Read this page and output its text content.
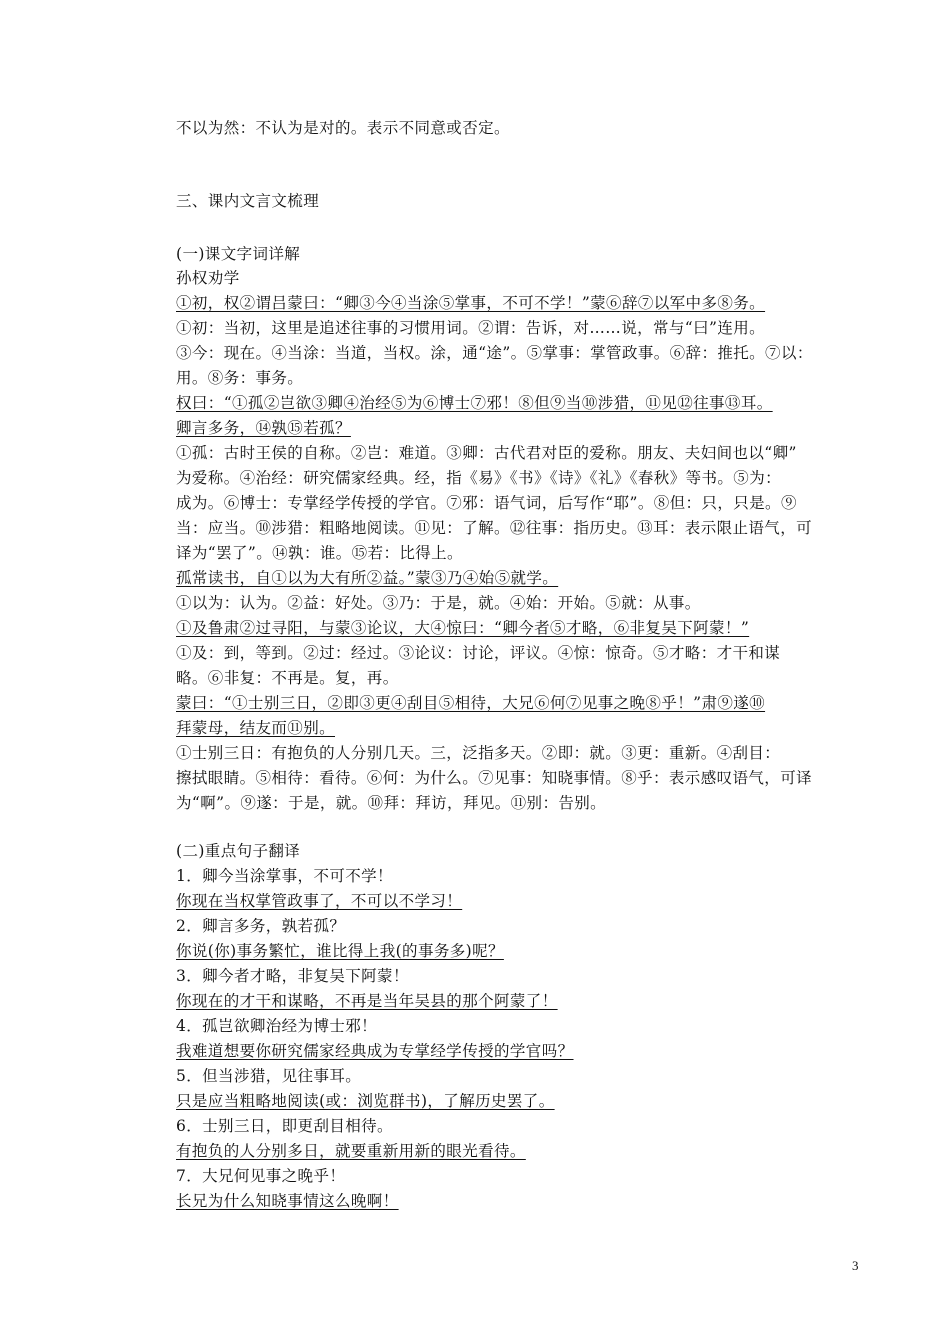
不以为然：不认为是对的。表示不同意或否定。
三、课内文言文梳理
(一)课文字词详解
孙权劝学
①初，权②谓吕蒙曰：“卿③今④当涂⑤掌事，不可不学！”蒙⑥辞⑦以军中多⑧务。
①初：当初，这里是追述往事的习惯用词。②谓：告诉，对……说，常与“曰”连用。
③今：现在。④当涂：当道，当权。涂，通“途”。⑤掌事：掌管政事。⑥辞：推托。⑦以：
用。⑧务：事务。
权曰：“①孤②岂欲③卿④治经⑤为⑥博士⑦邪！⑧但⑨当⑩涉猎，⑪见⑫往事⑬耳。
卿言多务，⑭孰⑮若孤？
①孤：古时王侯的自称。②岂：难道。③卿：古代君对臣的爱称。朋友、夫妇间也以“卿”
为爱称。④治经：研究儒家经典。经，指《易》《书》《诗》《礼》《春秋》等书。⑤为：
成为。⑥博士：专掌经学传授的学官。⑦邪：语气词，后写作“耶”。⑧但：只，只是。⑨
当：应当。⑩涉猎：粗略地阅读。⑪见：了解。⑫往事：指历史。⑬耳：表示限止语气，可
译为“罢了”。⑭孰：谁。⑮若：比得上。
孤常读书，自①以为大有所②益。”蒙③乃④始⑤就学。
①以为：认为。②益：好处。③乃：于是，就。④始：开始。⑤就：从事。
①及鲁肃②过寻阳，与蒙③论议，大④惊曰：“卿今者⑤才略，⑥非复吴下阿蒙！”
①及：到，等到。②过：经过。③论议：讨论，评议。④惊：惊奇。⑤才略：才干和谋
略。⑥非复：不再是。复，再。
蒙曰：“①士别三日，②即③更④刮目⑤相待，大兄⑥何⑦见事之晚⑧乎！”肃⑨遂⑩
拜蒙母，结友而⑪别。
①士别三日：有抱负的人分别几天。三，泛指多天。②即：就。③更：重新。④刮目：
擦拭眼睛。⑤相待：看待。⑥何：为什么。⑦见事：知晓事情。⑧乎：表示感叹语气，可译
为“啊”。⑨遂：于是，就。⑩拜：拜访，拜见。⑪别：告别。
(二)重点句子翻译
1．卿今当涂掌事，不可不学！
你现在当权掌管政事了，不可以不学习！
2．卿言多务，孰若孤？
你说(你)事务繁忙，谁比得上我(的事务多)呢？
3．卿今者才略，非复吴下阿蒙！
你现在的才干和谋略，不再是当年吴县的那个阿蒙了！
4．孤岂欲卿治经为博士邪！
我难道想要你研究儒家经典成为专掌经学传授的学官吗？
5．但当涉猎，见往事耳。
只是应当粗略地阅读(或：浏览群书)，了解历史罢了。
6．士别三日，即更刮目相待。
有抱负的人分别多日，就要重新用新的眼光看待。
7．大兄何见事之晚乎！
长兄为什么知晓事情这么晚啊！
3
